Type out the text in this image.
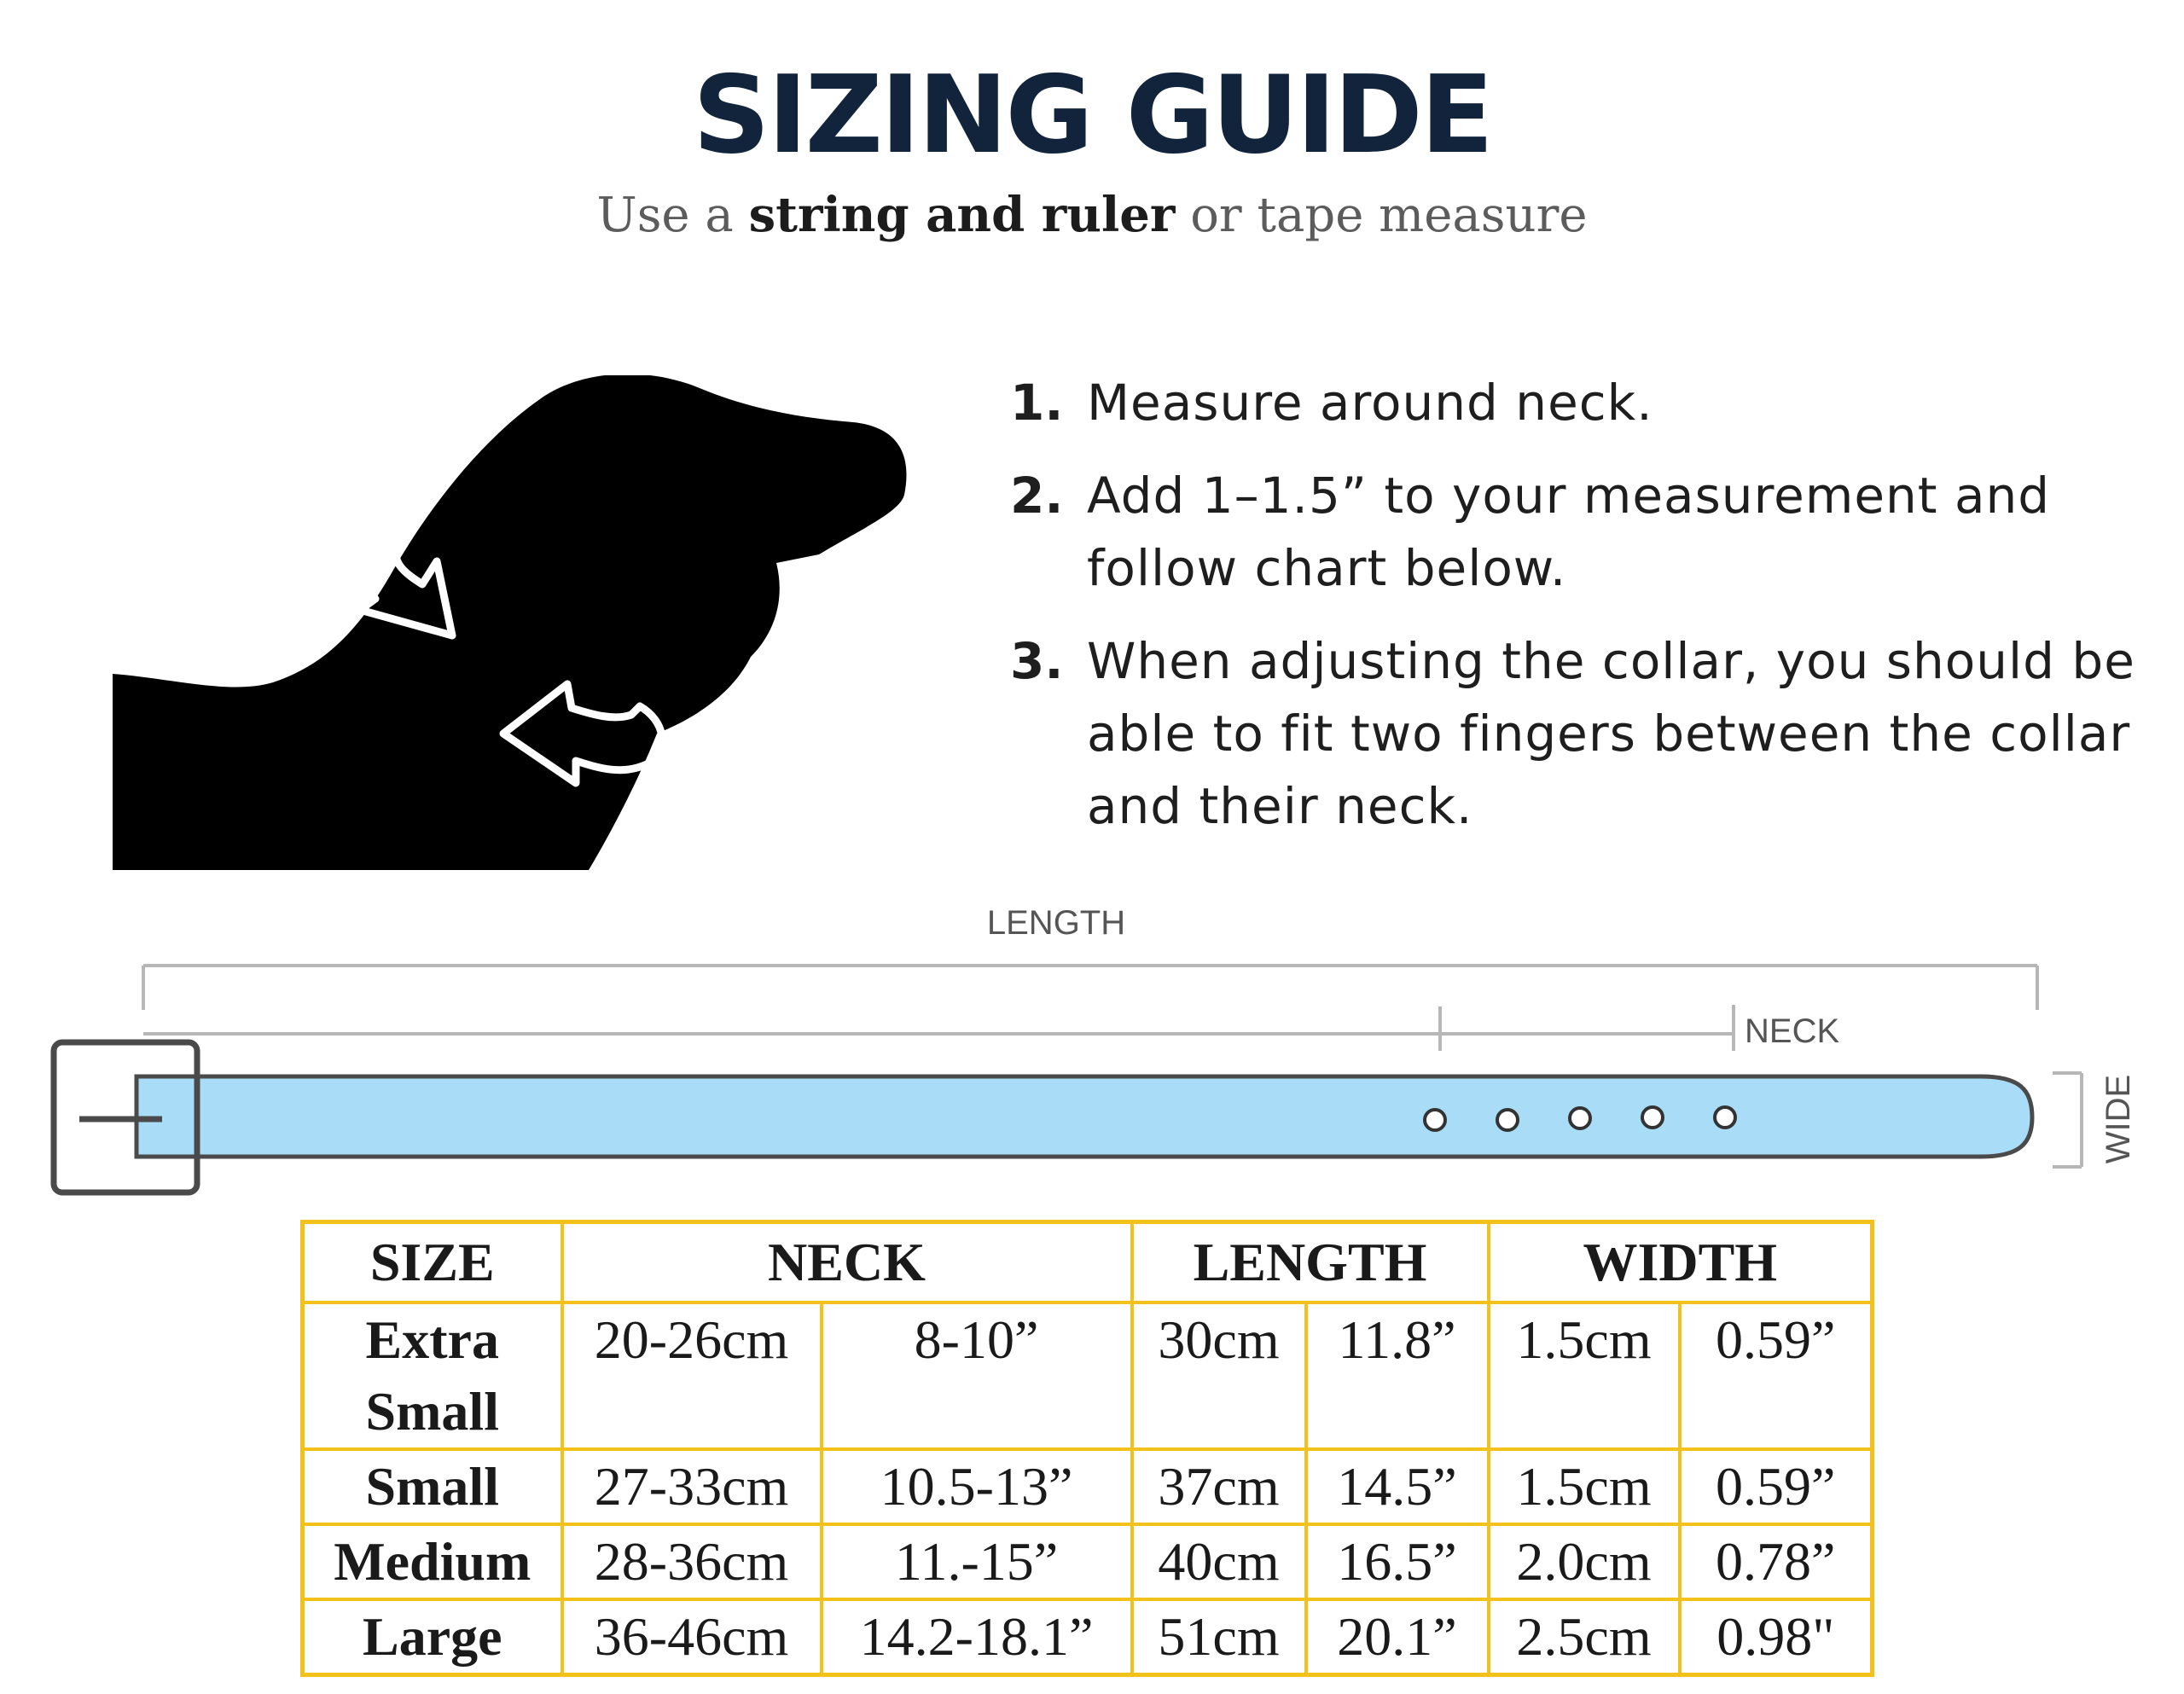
SIZING GUIDE

Use a string and ruler or tape measure

1. Measure around neck.
2. Add 1–1.5” to your measurement and follow chart below.
3. When adjusting the collar, you should be able to fit two fingers between the collar and their neck.
LENGTH
NECK
WIDE
SIZE	NECK		LENGTH		WIDTH	
Extra Small	20-26cm	8-10”	30cm	11.8”	1.5cm	0.59”
Small	27-33cm	10.5-13”	37cm	14.5”	1.5cm	0.59”
Medium	28-36cm	11.-15”	40cm	16.5”	2.0cm	0.78”
Large	36-46cm	14.2-18.1”	51cm	20.1”	2.5cm	0.98"
